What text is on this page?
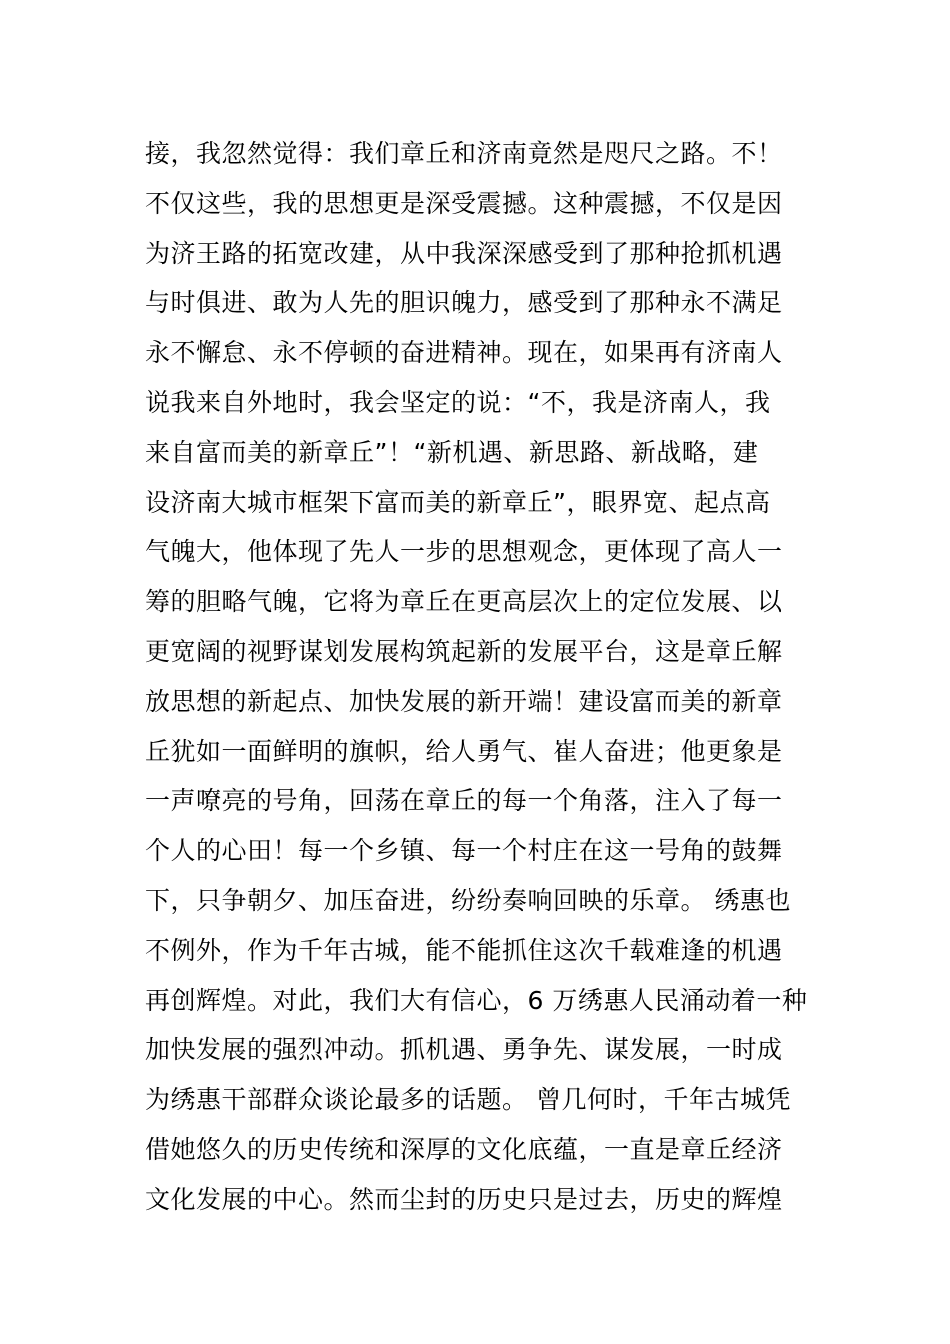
接，我忽然觉得：我们章丘和济南竟然是咫尺之路。不！
不仅这些，我的思想更是深受震撼。这种震撼，不仅是因
为济王路的拓宽改建，从中我深深感受到了那种抢抓机遇
与时俱进、敢为人先的胆识魄力，感受到了那种永不满足
永不懈怠、永不停顿的奋进精神。现在，如果再有济南人
说我来自外地时，我会坚定的说：“不，我是济南人，我
来自富而美的新章丘”！“新机遇、新思路、新战略，建
设济南大城市框架下富而美的新章丘”，眼界宽、起点高
气魄大，他体现了先人一步的思想观念，更体现了高人一
筹的胆略气魄，它将为章丘在更高层次上的定位发展、以
更宽阔的视野谋划发展构筑起新的发展平台，这是章丘解
放思想的新起点、加快发展的新开端！建设富而美的新章
丘犹如一面鲜明的旗帜，给人勇气、崔人奋进；他更象是
一声嘹亮的号角，回荡在章丘的每一个角落，注入了每一
个人的心田！每一个乡镇、每一个村庄在这一号角的鼓舞
下，只争朝夕、加压奋进，纷纷奏响回映的乐章。 绣惠也
不例外，作为千年古城，能不能抓住这次千载难逢的机遇
再创辉煌。对此，我们大有信心，6 万绣惠人民涌动着一种
加快发展的强烈冲动。抓机遇、勇争先、谋发展，一时成
为绣惠干部群众谈论最多的话题。 曾几何时，千年古城凭
借她悠久的历史传统和深厚的文化底蕴，一直是章丘经济
文化发展的中心。然而尘封的历史只是过去，历史的辉煌
